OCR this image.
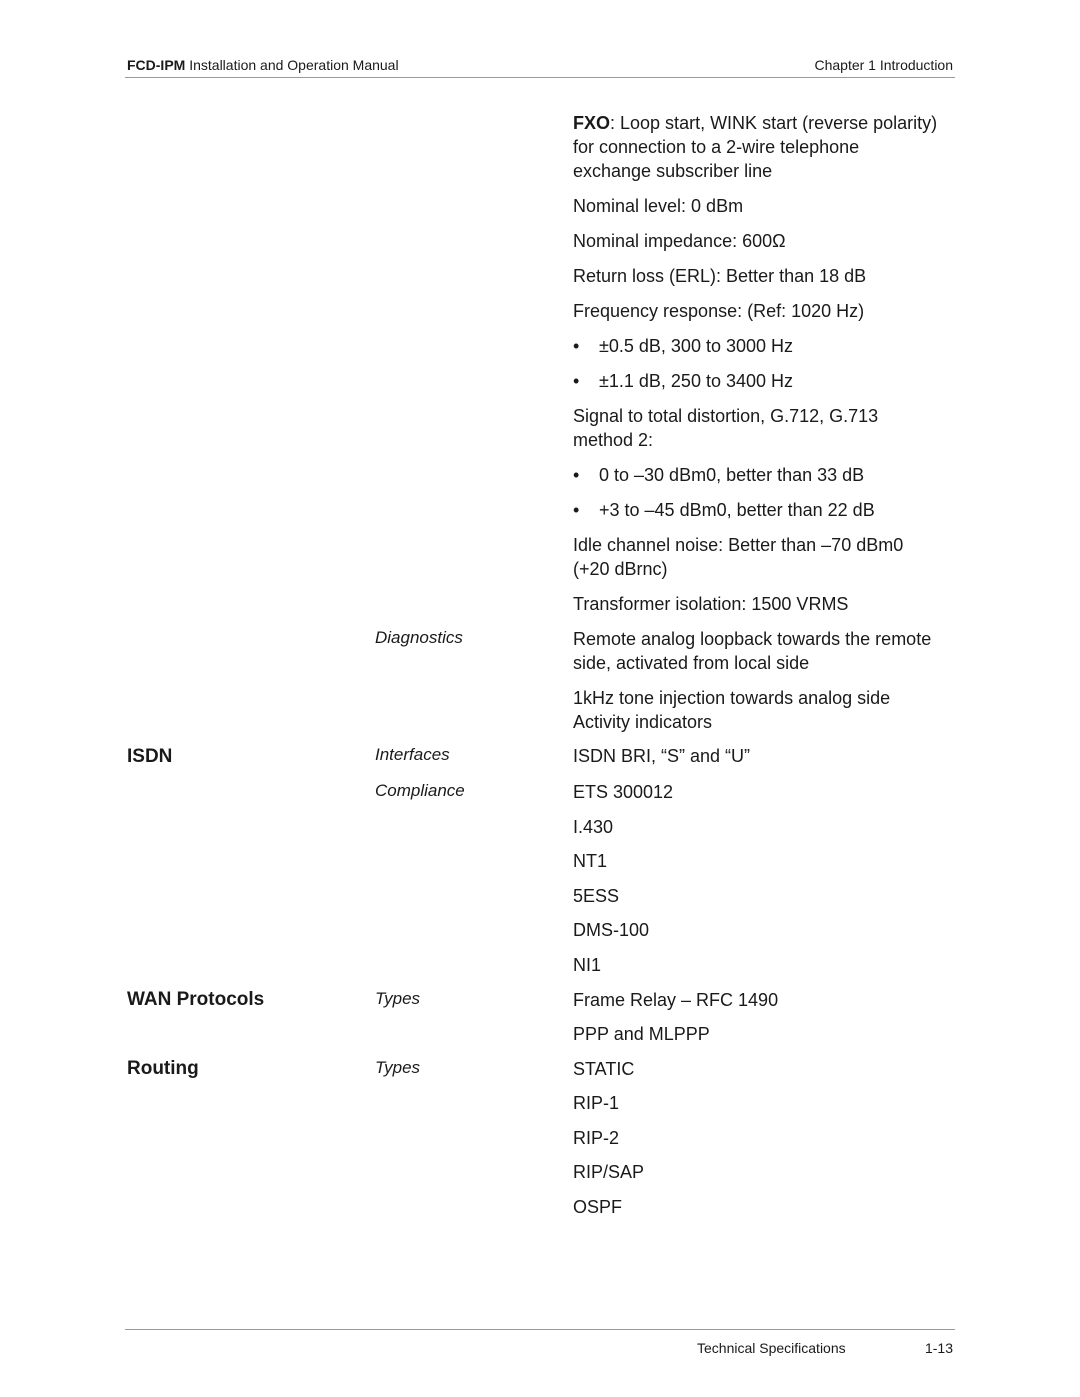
FCD-IPM Installation and Operation Manual	Chapter 1 Introduction
FXO: Loop start, WINK start (reverse polarity)
for connection to a 2-wire telephone
exchange subscriber line
Nominal level: 0 dBm
Nominal impedance: 600Ω
Return loss (ERL): Better than 18 dB
Frequency response: (Ref: 1020 Hz)
• ±0.5 dB, 300 to 3000 Hz
• ±1.1 dB, 250 to 3400 Hz
Signal to total distortion, G.712, G.713
method 2:
• 0 to –30 dBm0, better than 33 dB
• +3 to –45 dBm0, better than 22 dB
Idle channel noise: Better than –70 dBm0
(+20 dBrnc)
Transformer isolation: 1500 VRMS
Diagnostics	Remote analog loopback towards the remote
side, activated from local side
1kHz tone injection towards analog side
Activity indicators
ISDN	Interfaces	ISDN BRI, “S” and “U”
Compliance	ETS 300012
I.430
NT1
5ESS
DMS-100
NI1
WAN Protocols	Types	Frame Relay – RFC 1490
PPP and MLPPP
Routing	Types	STATIC
RIP-1
RIP-2
RIP/SAP
OSPF
Technical Specifications	1-13
